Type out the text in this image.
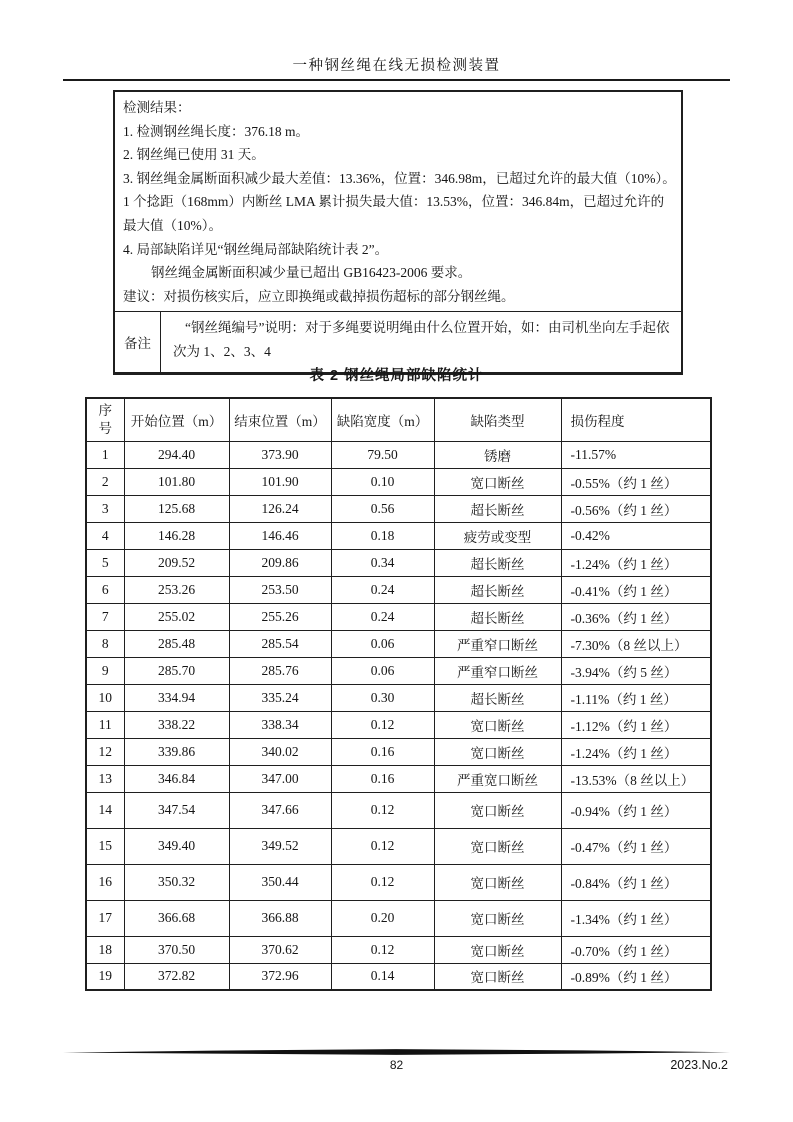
一种钢丝绳在线无损检测装置
检测结果：
1. 检测钢丝绳长度：376.18 m。
2. 钢丝绳已使用 31 天。
3. 钢丝绳金属断面积减少最大差值：13.36%，位置：346.98m，已超过允许的最大值（10%）。
1 个捻距（168mm）内断丝 LMA 累计损失最大值：13.53%，位置：346.84m，已超过允许的
最大值（10%）。
4. 局部缺陷详见“钢丝绳局部缺陷统计表 2”。
钢丝绳金属断面积减少量已超出 GB16423-2006 要求。
建议：对损伤核实后，应立即换绳或截掉损伤超标的部分钢丝绳。
备注
“钢丝绳编号”说明：对于多绳要说明绳由什么位置开始，如：由司机坐向左手起依次为 1、2、3、4
表 2 钢丝绳局部缺陷统计
序号	开始位置（m）	结束位置（m）	缺陷宽度（m）	缺陷类型	损伤程度
1	294.40	373.90	79.50	锈磨	-11.57%
2	101.80	101.90	0.10	宽口断丝	-0.55%（约 1 丝）
3	125.68	126.24	0.56	超长断丝	-0.56%（约 1 丝）
4	146.28	146.46	0.18	疲劳或变型	-0.42%
5	209.52	209.86	0.34	超长断丝	-1.24%（约 1 丝）
6	253.26	253.50	0.24	超长断丝	-0.41%（约 1 丝）
7	255.02	255.26	0.24	超长断丝	-0.36%（约 1 丝）
8	285.48	285.54	0.06	严重窄口断丝	-7.30%（8 丝以上）
9	285.70	285.76	0.06	严重窄口断丝	-3.94%（约 5 丝）
10	334.94	335.24	0.30	超长断丝	-1.11%（约 1 丝）
11	338.22	338.34	0.12	宽口断丝	-1.12%（约 1 丝）
12	339.86	340.02	0.16	宽口断丝	-1.24%（约 1 丝）
13	346.84	347.00	0.16	严重宽口断丝	-13.53%（8 丝以上）
14	347.54	347.66	0.12	宽口断丝	-0.94%（约 1 丝）
15	349.40	349.52	0.12	宽口断丝	-0.47%（约 1 丝）
16	350.32	350.44	0.12	宽口断丝	-0.84%（约 1 丝）
17	366.68	366.88	0.20	宽口断丝	-1.34%（约 1 丝）
18	370.50	370.62	0.12	宽口断丝	-0.70%（约 1 丝）
19	372.82	372.96	0.14	宽口断丝	-0.89%（约 1 丝）
82	2023.No.2
